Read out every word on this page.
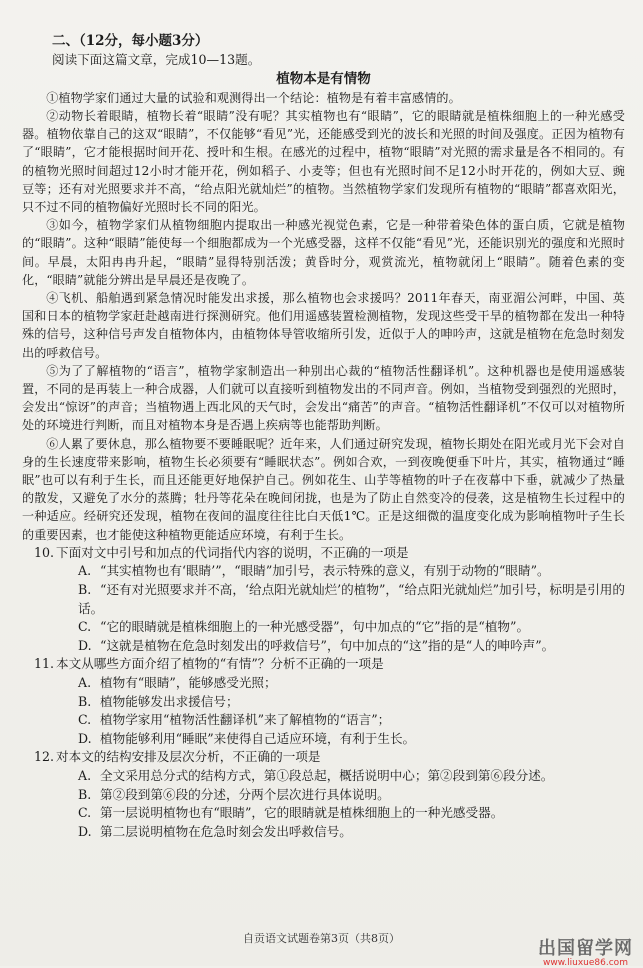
二、（12分，每小题3分）
阅读下面这篇文章，完成10—13题。
植物本是有情物

①植物学家们通过大量的试验和观测得出一个结论：植物是有着丰富感情的。

②动物长着眼睛，植物长着“眼睛”没有呢？其实植物也有“眼睛”，它的眼睛就是植株细胞上的一种光感受器。植物依靠自己的这双“眼睛”，不仅能够“看见”光，还能感受到光的波长和光照的时间及强度。正因为植物有了“眼睛”，它才能根据时间开花、授叶和生根。在感光的过程中，植物“眼睛”对光照的需求量是各不相同的。有的植物光照时间超过12小时才能开花，例如稻子、小麦等；但也有光照时间不足12小时开花的，例如大豆、豌豆等；还有对光照要求并不高，“给点阳光就灿烂”的植物。当然植物学家们发现所有植物的“眼睛”都喜欢阳光，只不过不同的植物偏好光照时长不同的阳光。

③如今，植物学家们从植物细胞内提取出一种感光视觉色素，它是一种带着染色体的蛋白质，它就是植物的“眼睛”。这种“眼睛”能使每一个细胞都成为一个光感受器，这样不仅能“看见”光，还能识别光的强度和光照时间。早晨，太阳冉冉升起，“眼睛”显得特别活泼；黄昏时分，观赏流光，植物就闭上“眼睛”。随着色素的变化，“眼睛”就能分辨出是早晨还是夜晚了。

④飞机、船舶遇到紧急情况时能发出求援，那么植物也会求援吗？2011年春天，南亚湄公河畔，中国、英国和日本的植物学家赶赴越南进行探测研究。他们用遥感装置检测植物，发现这些受干旱的植物都在发出一种特殊的信号，这种信号声发自植物体内，由植物体导管收缩所引发，近似于人的呻吟声，这就是植物在危急时刻发出的呼救信号。

⑤为了了解植物的“语言”，植物学家制造出一种别出心裁的“植物活性翻译机”。这种机器也是使用遥感装置，不同的是再装上一种合成器，人们就可以直接听到植物发出的不同声音。例如，当植物受到强烈的光照时，会发出“惊讶”的声音；当植物遇上西北风的天气时，会发出“痛苦”的声音。“植物活性翻译机”不仅可以对植物所处的环境进行判断，而且对植物本身是否遇上疾病等也能帮助判断。

⑥人累了要休息，那么植物要不要睡眠呢？近年来，人们通过研究发现，植物长期处在阳光或月光下会对自身的生长速度带来影响，植物生长必须要有“睡眠状态”。例如合欢，一到夜晚便垂下叶片，其实，植物通过“睡眠”也可以有利于生长，而且还能更好地保护自己。例如花生、山芋等植物的叶子在夜幕中下垂，就减少了热量的散发，又避免了水分的蒸腾；牡丹等花朵在晚间闭拢，也是为了防止自然变冷的侵袭，这是植物生长过程中的一种适应。经研究还发现，植物在夜间的温度往往比白天低1℃。正是这细微的温度变化成为影响植物叶子生长的重要因素，也才能使这种植物更能适应环境，有利于生长。

10. 下面对文中引号和加点的代词指代内容的说明，不正确的一项是
A. “其实植物也有‘眼睛’”，“眼睛”加引号，表示特殊的意义，有别于动物的“眼睛”。
B. “还有对光照要求并不高，‘给点阳光就灿烂’的植物”，“给点阳光就灿烂”加引号，标明是引用的话。
C. “它的眼睛就是植株细胞上的一种光感受器”，句中加点的“它”指的是“植物”。
D. “这就是植物在危急时刻发出的呼救信号”，句中加点的“这”指的是“人的呻吟声”。
11. 本文从哪些方面介绍了植物的“有情”？分析不正确的一项是
A. 植物有“眼睛”，能够感受光照；
B. 植物能够发出求援信号；
C. 植物学家用“植物活性翻译机”来了解植物的“语言”；
D. 植物能够利用“睡眠”来使得自己适应环境，有利于生长。
12. 对本文的结构安排及层次分析，不正确的一项是
A. 全文采用总分式的结构方式，第①段总起，概括说明中心；第②段到第⑥段分述。
B. 第②段到第⑥段的分述，分两个层次进行具体说明。
C. 第一层说明植物也有“眼睛”，它的眼睛就是植株细胞上的一种光感受器。
D. 第二层说明植物在危急时刻会发出呼救信号。
自贡语文试题卷第3页（共8页）	出国留学网
www.liuxue86.com
